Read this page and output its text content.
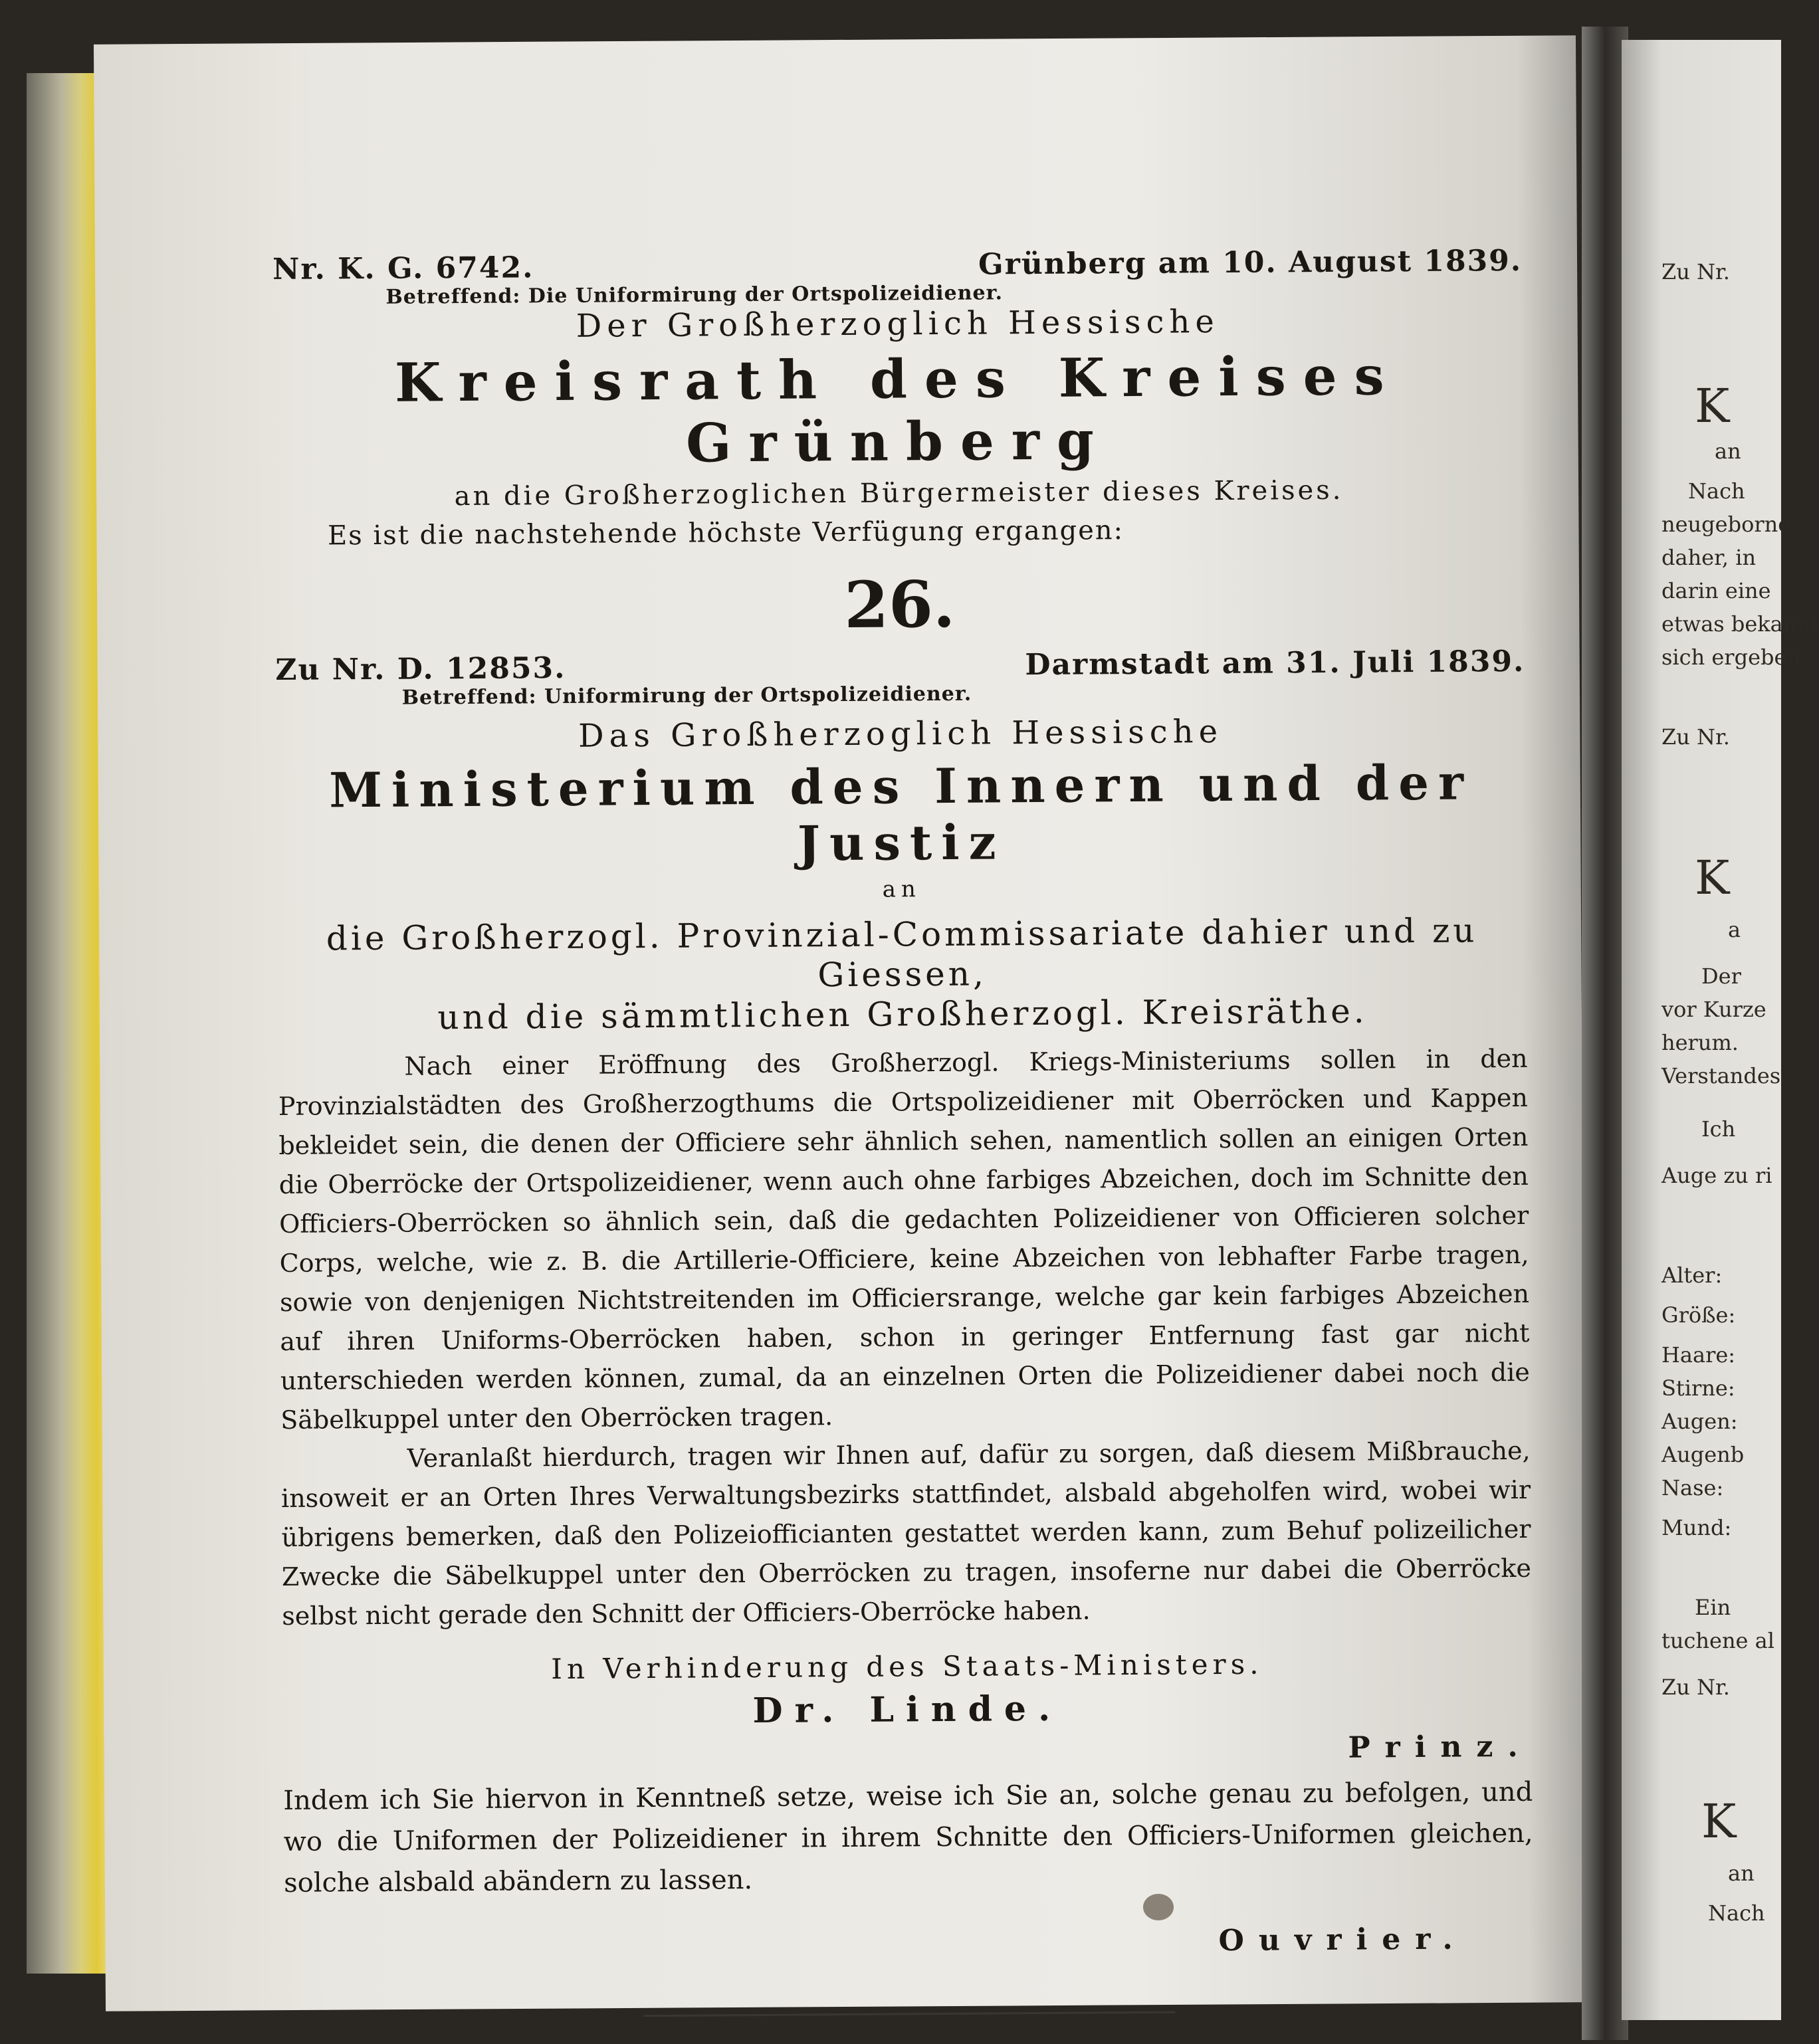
Zu Nr.
K
an
Nach
neugeborne
daher, in
darin eine
etwas bekannt
sich ergeben
Zu Nr.
K
a
Der
vor Kurze
herum.
Verstandes
Ich
Auge zu ri
Alter:
Größe:
Haare:
Stirne:
Augen:
Augenb
Nase:
Mund:
Ein
tuchene al
Zu Nr.
K
an
Nach
Nr. K. G. 6742.	Grünberg am 10. August 1839.
Betreffend: Die Uniformirung der Ortspolizeidiener.
Der Großherzoglich Hessische
Kreisrath des Kreises Grünberg
an die Großherzoglichen Bürgermeister dieses Kreises.
Es ist die nachstehende höchste Verfügung ergangen:
26.
Zu Nr. D. 12853.	Darmstadt am 31. Juli 1839.
Betreffend: Uniformirung der Ortspolizeidiener.
Das Großherzoglich Hessische
Ministerium des Innern und der Justiz
an
die Großherzogl. Provinzial-Commissariate dahier und zu Giessen,
und die sämmtlichen Großherzogl. Kreisräthe.

Nach einer Eröffnung des Großherzogl. Kriegs-Ministeriums sollen in den Provinzialstädten des Großherzogthums die Ortspolizeidiener mit Oberröcken und Kappen bekleidet sein, die denen der Officiere sehr ähnlich sehen, namentlich sollen an einigen Orten die Oberröcke der Ortspolizeidiener, wenn auch ohne farbiges Abzeichen, doch im Schnitte den Officiers-Oberröcken so ähnlich sein, daß die gedachten Polizeidiener von Officieren solcher Corps, welche, wie z. B. die Artillerie-Officiere, keine Abzeichen von lebhafter Farbe tragen, sowie von denjenigen Nichtstreitenden im Officiersrange, welche gar kein farbiges Abzeichen auf ihren Uniforms-Oberröcken haben, schon in geringer Entfernung fast gar nicht unterschieden werden können, zumal, da an einzelnen Orten die Polizeidiener dabei noch die Säbelkuppel unter den Oberröcken tragen.

Veranlaßt hierdurch, tragen wir Ihnen auf, dafür zu sorgen, daß diesem Mißbrauche, insoweit er an Orten Ihres Verwaltungsbezirks stattfindet, alsbald abgeholfen wird, wobei wir übrigens bemerken, daß den Polizeiofficianten gestattet werden kann, zum Behuf polizeilicher Zwecke die Säbelkuppel unter den Oberröcken zu tragen, insoferne nur dabei die Oberröcke selbst nicht gerade den Schnitt der Officiers-Oberröcke haben.

In Verhinderung des Staats-Ministers.
Dr. Linde.
Prinz.

Indem ich Sie hiervon in Kenntneß setze, weise ich Sie an, solche genau zu befolgen, und wo die Uniformen der Polizeidiener in ihrem Schnitte den Officiers-Uniformen gleichen, solche alsbald abändern zu lassen.

Ouvrier.
